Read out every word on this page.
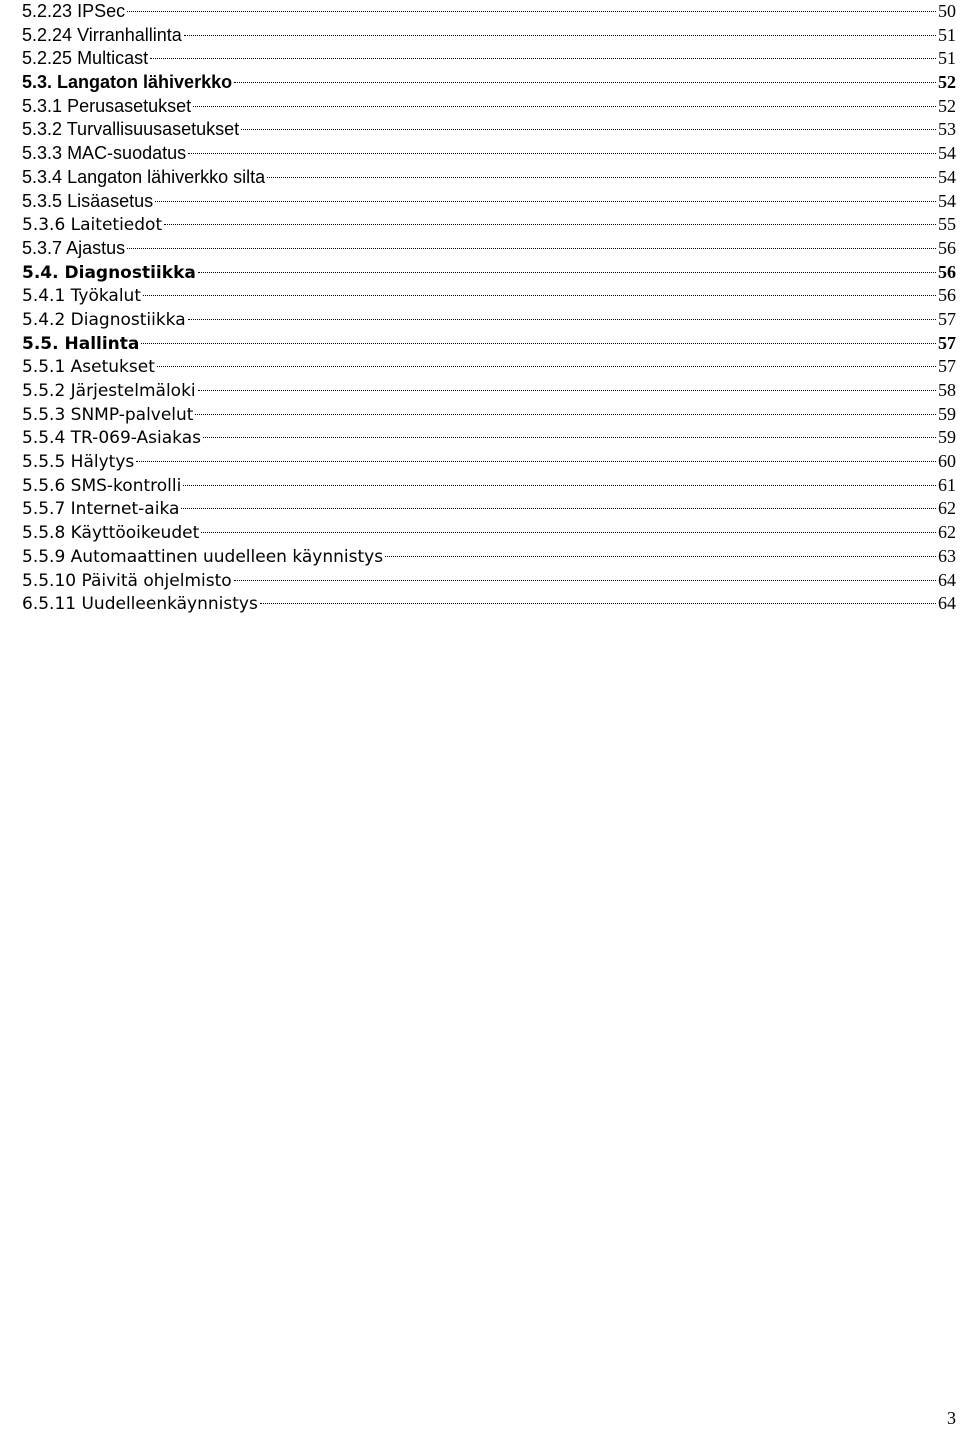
5.2.23 IPSec	50
5.2.24 Virranhallinta	51
5.2.25 Multicast	51
5.3. Langaton lähiverkko	52
5.3.1 Perusasetukset	52
5.3.2 Turvallisuusasetukset	53
5.3.3 MAC-suodatus	54
5.3.4 Langaton lähiverkko silta	54
5.3.5 Lisäasetus	54
5.3.6 Laitetiedot	55
5.3.7 Ajastus	56
5.4. Diagnostiikka	56
5.4.1 Työkalut	56
5.4.2 Diagnostiikka	57
5.5. Hallinta	57
5.5.1 Asetukset	57
5.5.2 Järjestelmäloki	58
5.5.3 SNMP-palvelut	59
5.5.4 TR-069-Asiakas	59
5.5.5 Hälytys	60
5.5.6 SMS-kontrolli	61
5.5.7 Internet-aika	62
5.5.8 Käyttöoikeudet	62
5.5.9 Automaattinen uudelleen käynnistys	63
5.5.10 Päivitä ohjelmisto	64
6.5.11 Uudelleenkäynnistys	64
3
